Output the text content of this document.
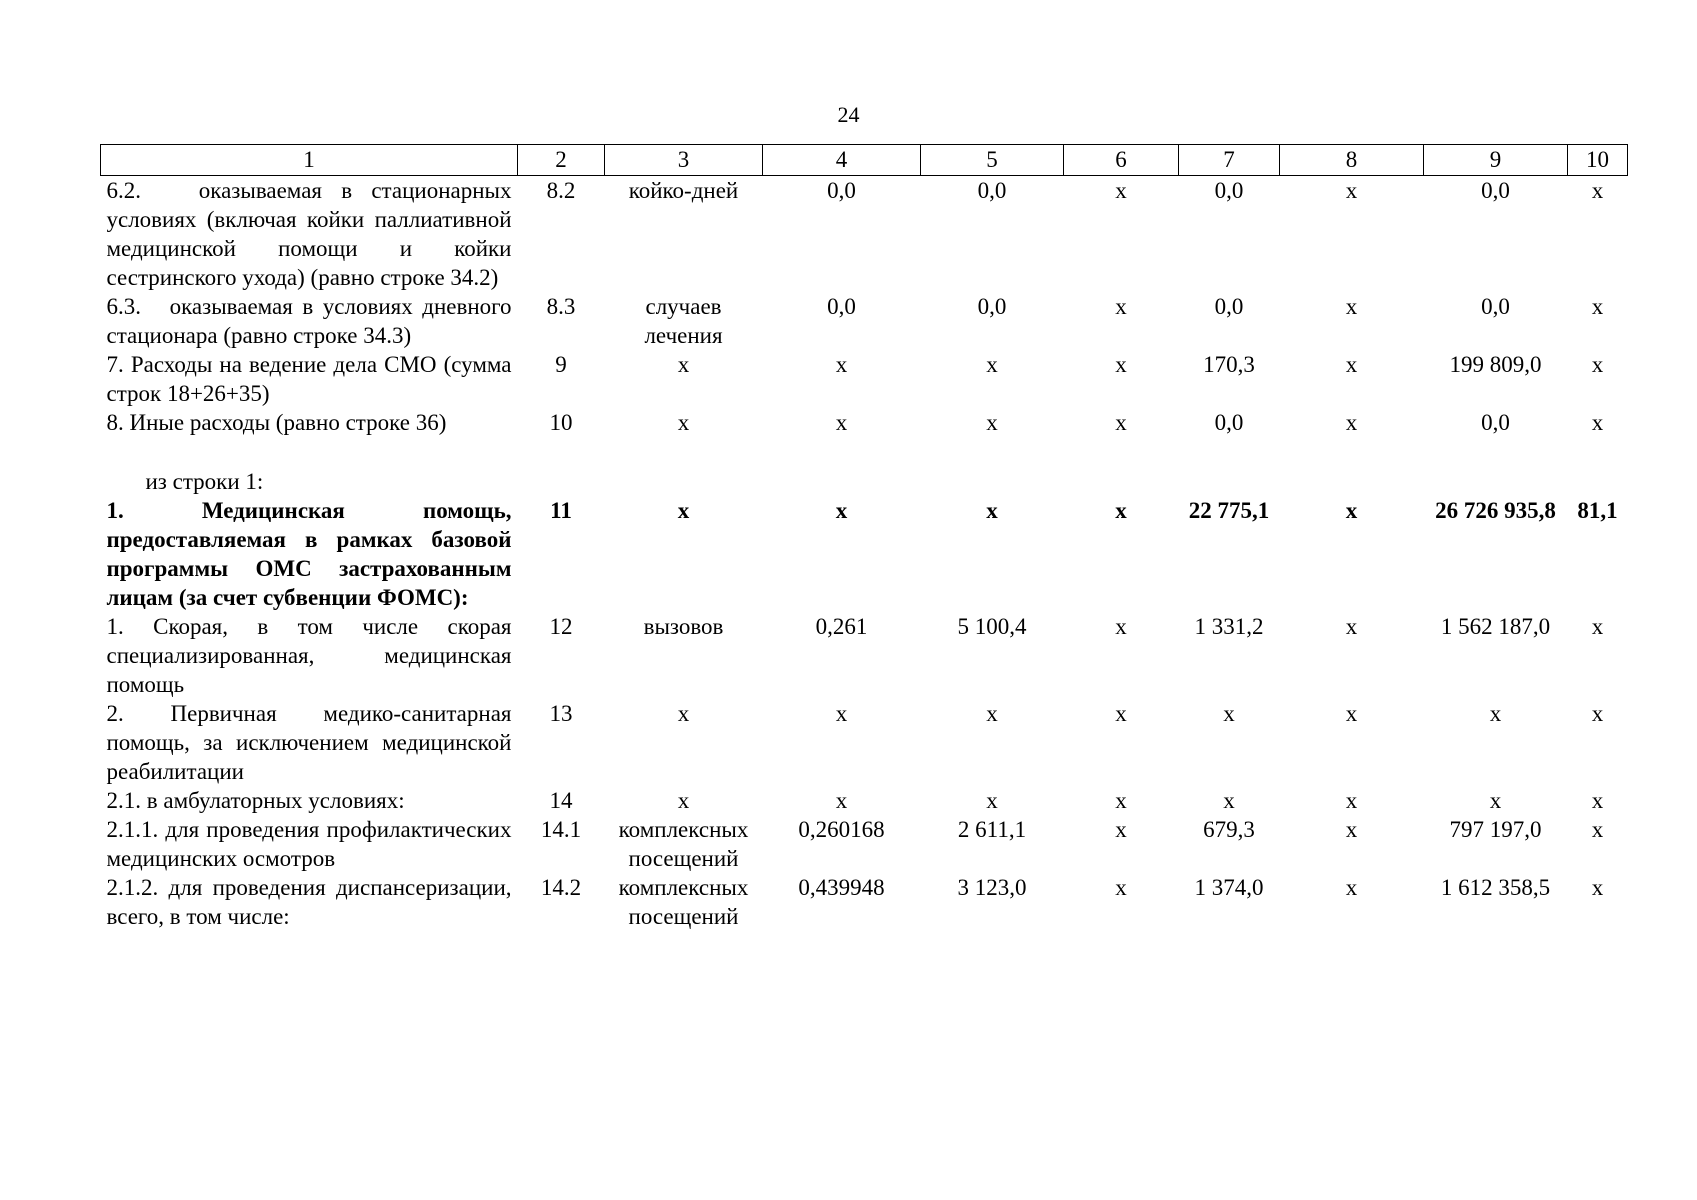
24
1	2	3	4	5	6	7	8	9	10
6.2.   оказываемая в стационарных условиях (включая койки паллиативной медицинской помощи и койки сестринского ухода) (равно строке 34.2)	8.2	койко-дней	0,0	0,0	х	0,0	х	0,0	х
6.3.   оказываемая в условиях дневного стационара (равно строке 34.3)	8.3	случаев лечения	0,0	0,0	х	0,0	х	0,0	х
7. Расходы на ведение дела СМО (сумма строк 18+26+35)	9	х	х	х	х	170,3	х	199 809,0	х
8. Иные расходы (равно строке 36)	10	х	х	х	х	0,0	х	0,0	х
из строки 1:									
1. Медицинская помощь, предоставляемая в рамках базовой программы ОМС застрахованным лицам (за счет субвенции ФОМС):	11	х	х	х	х	22 775,1	х	26 726 935,8	81,1
1. Скорая, в том числе скорая специализированная, медицинская помощь	12	вызовов	0,261	5 100,4	х	1 331,2	х	1 562 187,0	х
2. Первичная медико-санитарная помощь, за исключением медицинской реабилитации	13	х	х	х	х	х	х	х	х
2.1. в амбулаторных условиях:	14	х	х	х	х	х	х	х	х
2.1.1. для проведения профилактических медицинских осмотров	14.1	комплексных посещений	0,260168	2 611,1	х	679,3	х	797 197,0	х
2.1.2. для проведения диспансеризации, всего, в том числе:	14.2	комплексных посещений	0,439948	3 123,0	х	1 374,0	х	1 612 358,5	х
